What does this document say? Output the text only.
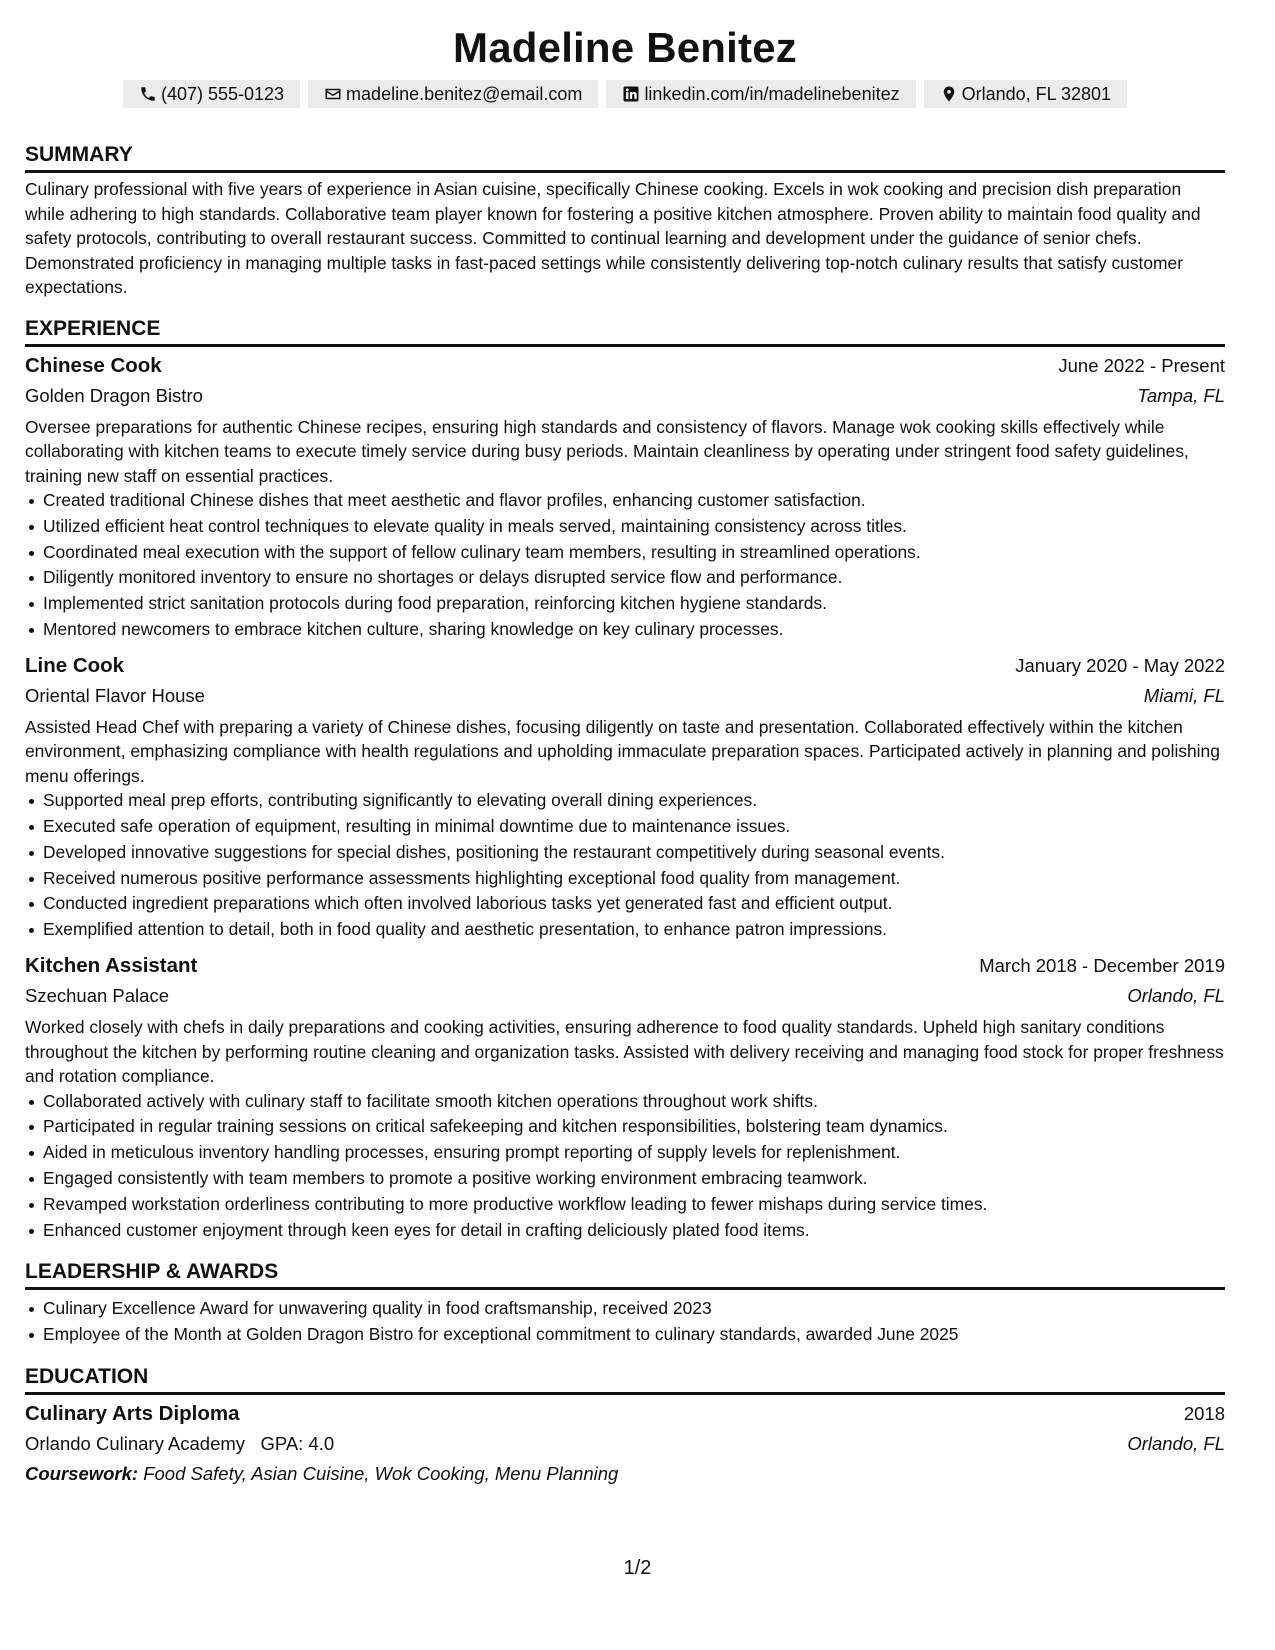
Madeline Benitez
(407) 555-0123	madeline.benitez@email.com	linkedin.com/in/madelinebenitez	Orlando, FL 32801
SUMMARY

Culinary professional with five years of experience in Asian cuisine, specifically Chinese cooking. Excels in wok cooking and precision dish preparation while adhering to high standards. Collaborative team player known for fostering a positive kitchen atmosphere. Proven ability to maintain food quality and safety protocols, contributing to overall restaurant success. Committed to continual learning and development under the guidance of senior chefs. Demonstrated proficiency in managing multiple tasks in fast-paced settings while consistently delivering top-notch culinary results that satisfy customer expectations.

EXPERIENCE
Chinese Cook	June 2022 - Present
Golden Dragon Bistro	Tampa, FL

Oversee preparations for authentic Chinese recipes, ensuring high standards and consistency of flavors. Manage wok cooking skills effectively while collaborating with kitchen teams to execute timely service during busy periods. Maintain cleanliness by operating under stringent food safety guidelines, training new staff on essential practices.

Created traditional Chinese dishes that meet aesthetic and flavor profiles, enhancing customer satisfaction.
Utilized efficient heat control techniques to elevate quality in meals served, maintaining consistency across titles.
Coordinated meal execution with the support of fellow culinary team members, resulting in streamlined operations.
Diligently monitored inventory to ensure no shortages or delays disrupted service flow and performance.
Implemented strict sanitation protocols during food preparation, reinforcing kitchen hygiene standards.
Mentored newcomers to embrace kitchen culture, sharing knowledge on key culinary processes.
Line Cook	January 2020 - May 2022
Oriental Flavor House	Miami, FL

Assisted Head Chef with preparing a variety of Chinese dishes, focusing diligently on taste and presentation. Collaborated effectively within the kitchen environment, emphasizing compliance with health regulations and upholding immaculate preparation spaces. Participated actively in planning and polishing menu offerings.

Supported meal prep efforts, contributing significantly to elevating overall dining experiences.
Executed safe operation of equipment, resulting in minimal downtime due to maintenance issues.
Developed innovative suggestions for special dishes, positioning the restaurant competitively during seasonal events.
Received numerous positive performance assessments highlighting exceptional food quality from management.
Conducted ingredient preparations which often involved laborious tasks yet generated fast and efficient output.
Exemplified attention to detail, both in food quality and aesthetic presentation, to enhance patron impressions.
Kitchen Assistant	March 2018 - December 2019
Szechuan Palace	Orlando, FL

Worked closely with chefs in daily preparations and cooking activities, ensuring adherence to food quality standards. Upheld high sanitary conditions throughout the kitchen by performing routine cleaning and organization tasks. Assisted with delivery receiving and managing food stock for proper freshness and rotation compliance.

Collaborated actively with culinary staff to facilitate smooth kitchen operations throughout work shifts.
Participated in regular training sessions on critical safekeeping and kitchen responsibilities, bolstering team dynamics.
Aided in meticulous inventory handling processes, ensuring prompt reporting of supply levels for replenishment.
Engaged consistently with team members to promote a positive working environment embracing teamwork.
Revamped workstation orderliness contributing to more productive workflow leading to fewer mishaps during service times.
Enhanced customer enjoyment through keen eyes for detail in crafting deliciously plated food items.
LEADERSHIP & AWARDS
Culinary Excellence Award for unwavering quality in food craftsmanship, received 2023
Employee of the Month at Golden Dragon Bistro for exceptional commitment to culinary standards, awarded June 2025
EDUCATION
Culinary Arts Diploma	2018
Orlando Culinary Academy GPA: 4.0	Orlando, FL
Coursework: Food Safety, Asian Cuisine, Wok Cooking, Menu Planning
1/2
